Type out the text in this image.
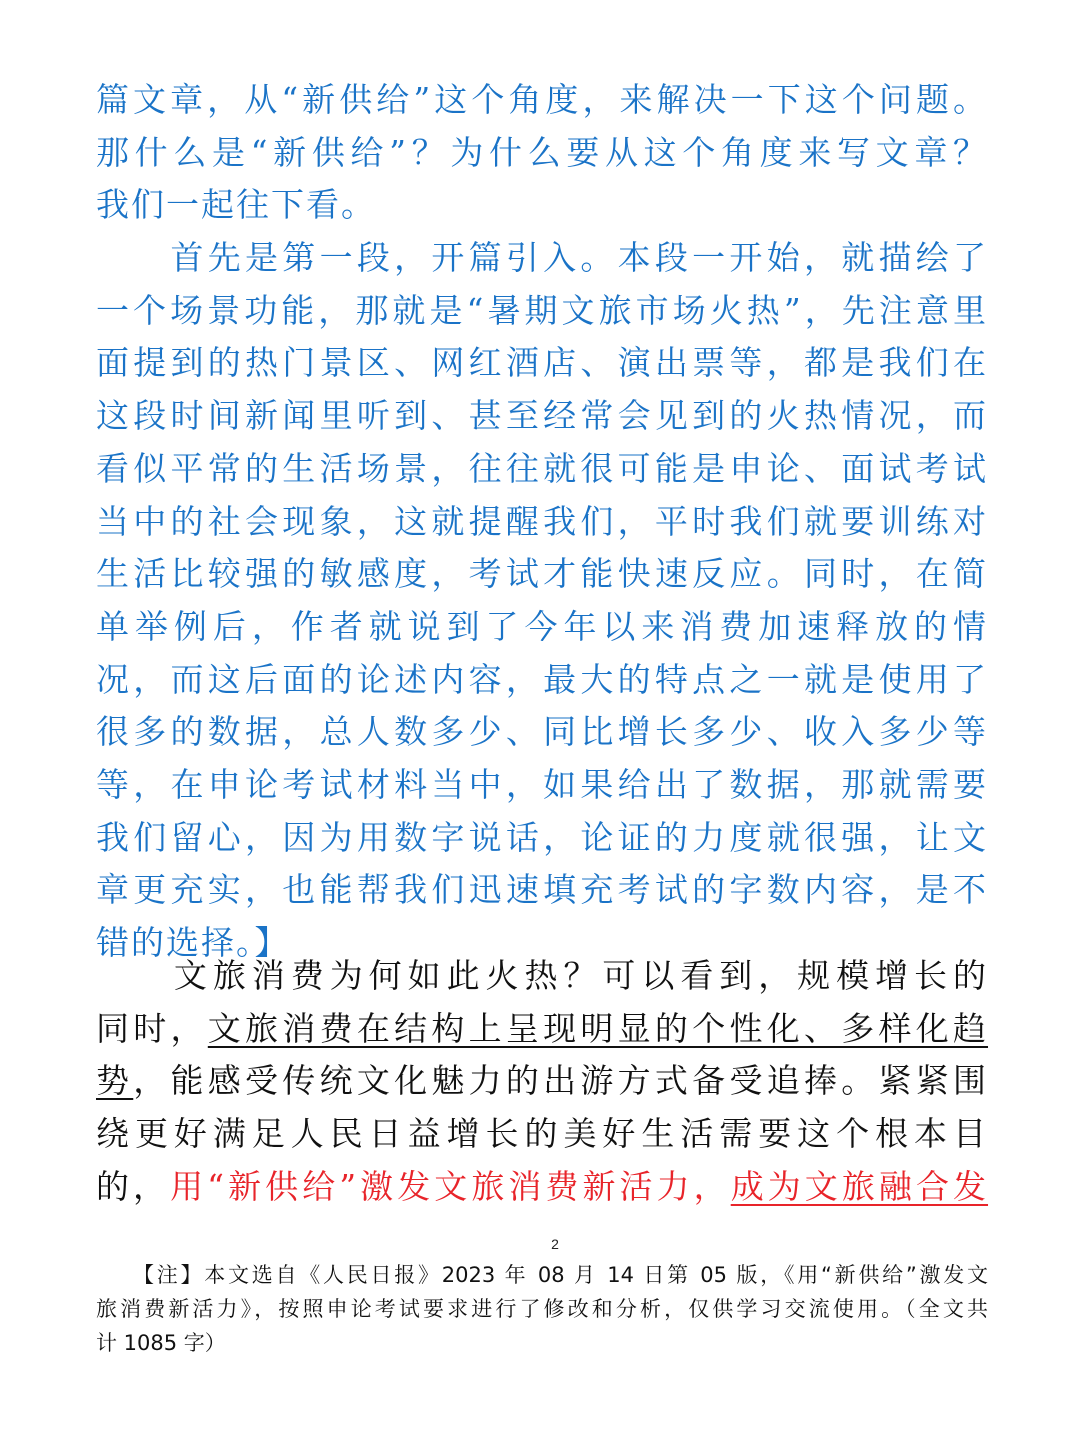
篇文章，从“新供给”这个角度，来解决一下这个问题。
那什么是“新供给”？为什么要从这个角度来写文章？
我们一起往下看。
　　首先是第一段，开篇引入。本段一开始，就描绘了
一个场景功能，那就是“暑期文旅市场火热”，先注意里
面提到的热门景区、网红酒店、演出票等，都是我们在
这段时间新闻里听到、甚至经常会见到的火热情况，而
看似平常的生活场景，往往就很可能是申论、面试考试
当中的社会现象，这就提醒我们，平时我们就要训练对
生活比较强的敏感度，考试才能快速反应。同时，在简
单举例后，作者就说到了今年以来消费加速释放的情
况，而这后面的论述内容，最大的特点之一就是使用了
很多的数据，总人数多少、同比增长多少、收入多少等
等，在申论考试材料当中，如果给出了数据，那就需要
我们留心，因为用数字说话，论证的力度就很强，让文
章更充实，也能帮我们迅速填充考试的字数内容，是不
错的选择。】
　　文旅消费为何如此火热？可以看到，规模增长的
同时，文旅消费在结构上呈现明显的个性化、多样化趋
势，能感受传统文化魅力的出游方式备受追捧。紧紧围
绕更好满足人民日益增长的美好生活需要这个根本目
的，用“新供给”激发文旅消费新活力，成为文旅融合发
2
　　【注】本文选自《人民日报》2023 年 08 月 14 日第 05 版，《用“新供给”激发文
旅消费新活力》，按照申论考试要求进行了修改和分析，仅供学习交流使用。（全文共
计 1085 字）
